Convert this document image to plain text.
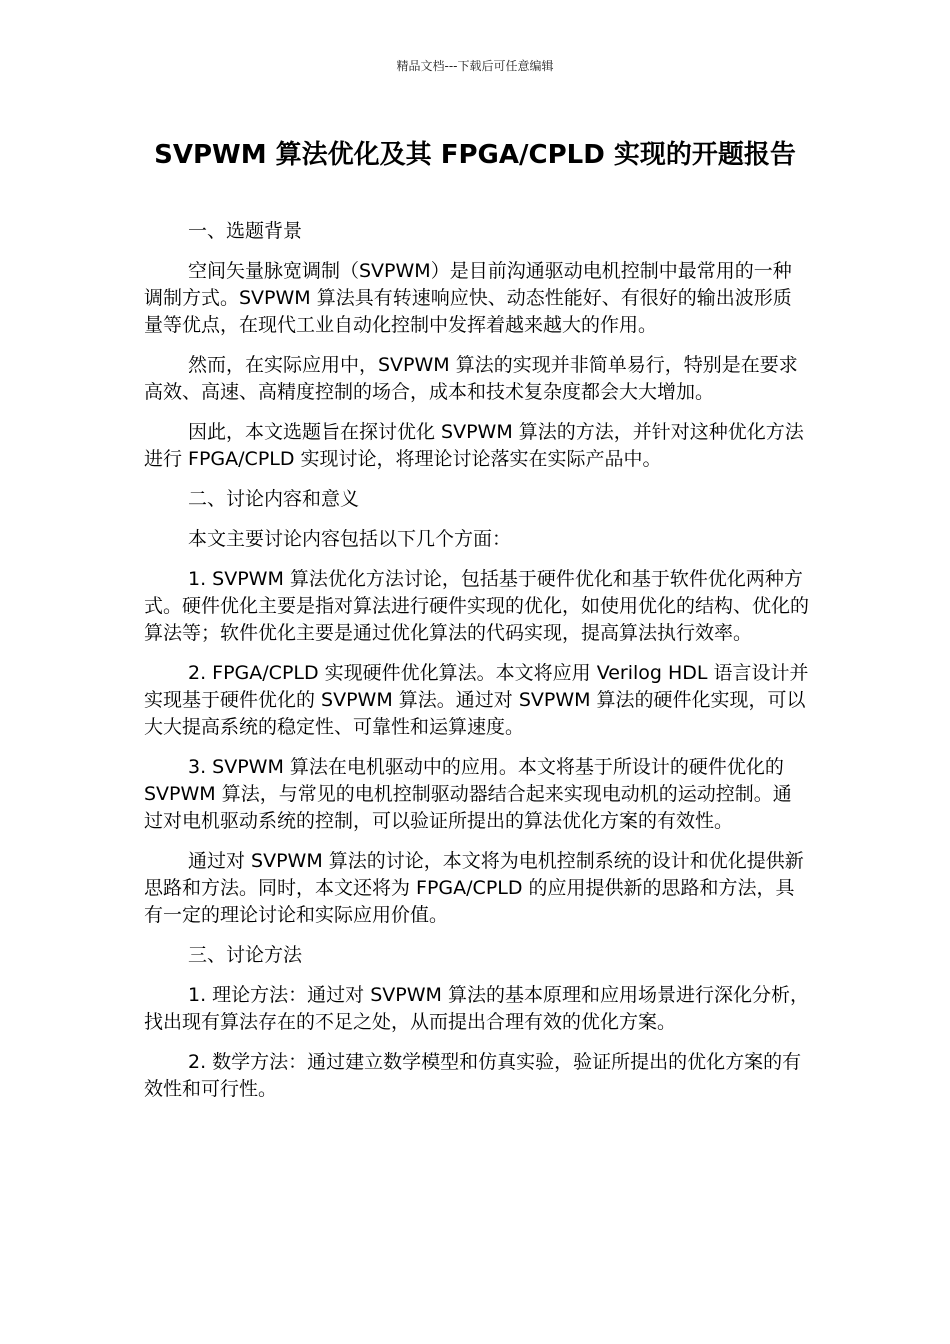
精品文档---下载后可任意编辑
SVPWM 算法优化及其 FPGA/CPLD 实现的开题报告

一、选题背景

空间矢量脉宽调制（SVPWM）是目前沟通驱动电机控制中最常用的一种调制方式。SVPWM 算法具有转速响应快、动态性能好、有很好的输出波形质量等优点，在现代工业自动化控制中发挥着越来越大的作用。

然而，在实际应用中，SVPWM 算法的实现并非简单易行，特别是在要求高效、高速、高精度控制的场合，成本和技术复杂度都会大大增加。

因此，本文选题旨在探讨优化 SVPWM 算法的方法，并针对这种优化方法进行 FPGA/CPLD 实现讨论，将理论讨论落实在实际产品中。

二、讨论内容和意义

本文主要讨论内容包括以下几个方面：

1. SVPWM 算法优化方法讨论，包括基于硬件优化和基于软件优化两种方式。硬件优化主要是指对算法进行硬件实现的优化，如使用优化的结构、优化的算法等；软件优化主要是通过优化算法的代码实现，提高算法执行效率。

2. FPGA/CPLD 实现硬件优化算法。本文将应用 Verilog HDL 语言设计并实现基于硬件优化的 SVPWM 算法。通过对 SVPWM 算法的硬件化实现，可以大大提高系统的稳定性、可靠性和运算速度。

3. SVPWM 算法在电机驱动中的应用。本文将基于所设计的硬件优化的 SVPWM 算法，与常见的电机控制驱动器结合起来实现电动机的运动控制。通过对电机驱动系统的控制，可以验证所提出的算法优化方案的有效性。

通过对 SVPWM 算法的讨论，本文将为电机控制系统的设计和优化提供新思路和方法。同时，本文还将为 FPGA/CPLD 的应用提供新的思路和方法，具有一定的理论讨论和实际应用价值。

三、讨论方法

1. 理论方法：通过对 SVPWM 算法的基本原理和应用场景进行深化分析，找出现有算法存在的不足之处，从而提出合理有效的优化方案。

2. 数学方法：通过建立数学模型和仿真实验，验证所提出的优化方案的有效性和可行性。
